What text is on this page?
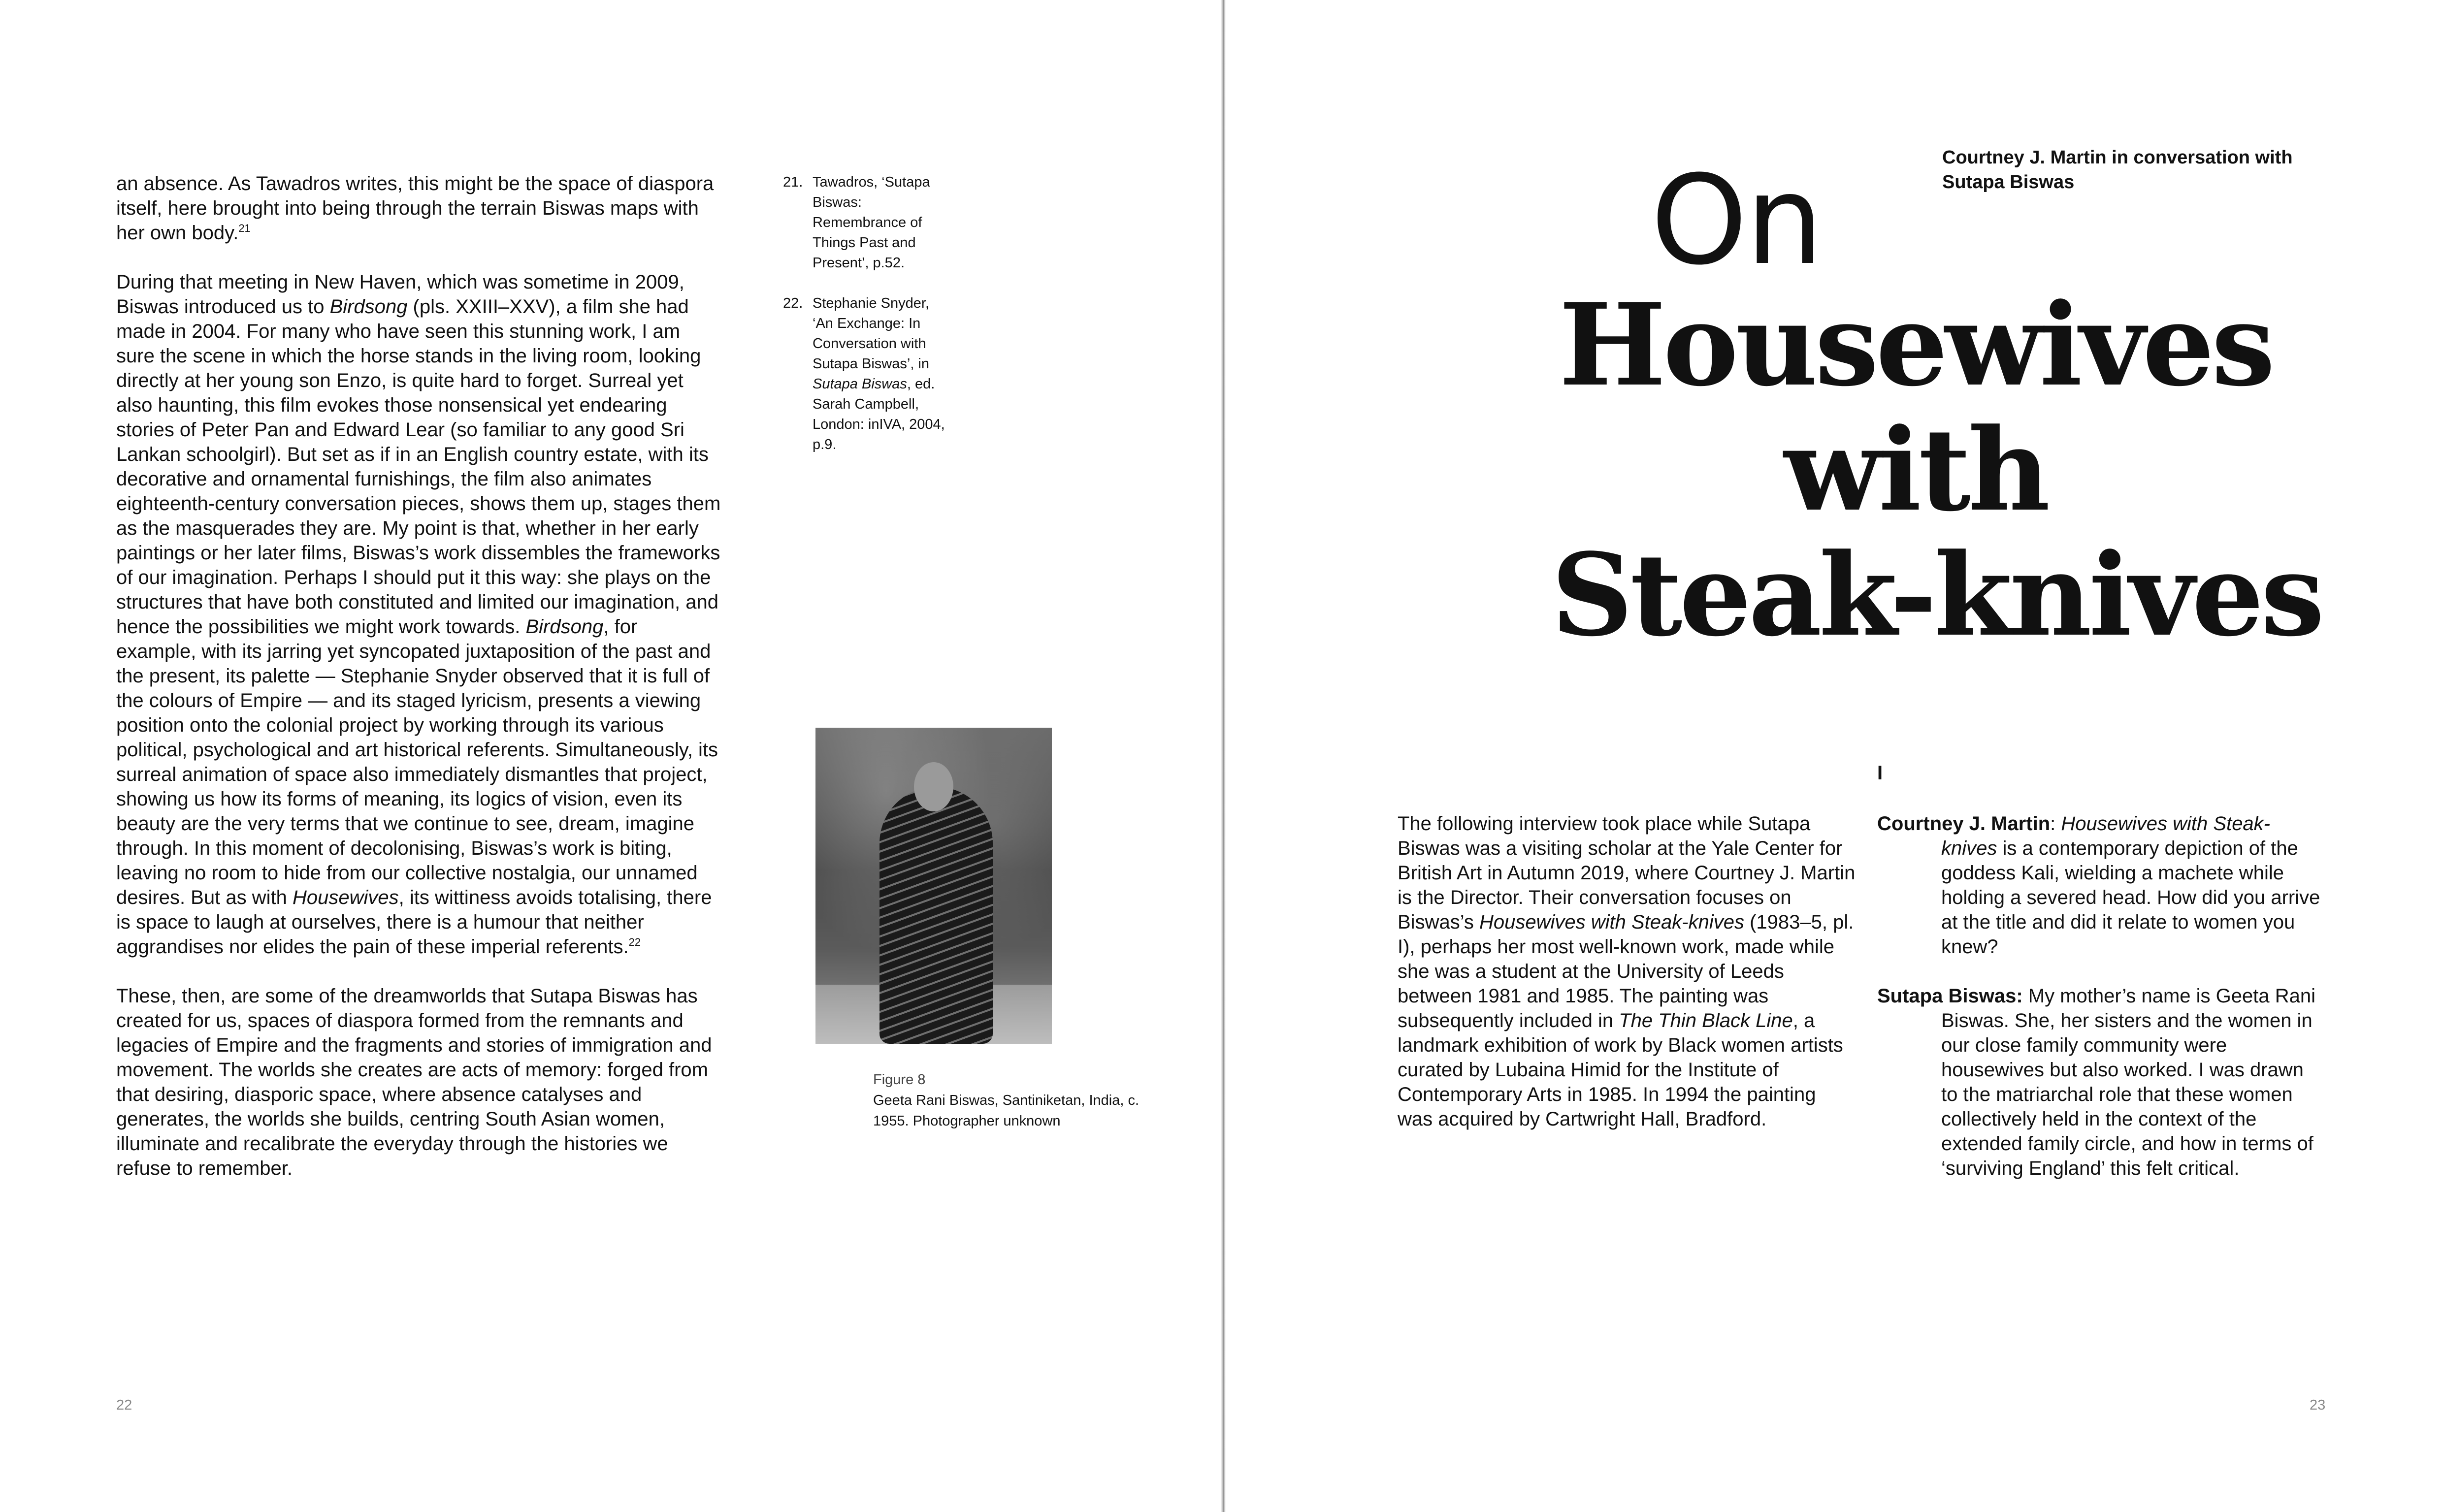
an absence. As Tawadros writes, this might be the space of diaspora itself, here brought into being through the terrain Biswas maps with her own body.$^{21}$

During that meeting in New Haven, which was sometime in 2009, Biswas introduced us to Birdsong (pls. XXIII–XXV), a film she had made in 2004. For many who have seen this stunning work, I am sure the scene in which the horse stands in the living room, looking directly at her young son Enzo, is quite hard to forget. Surreal yet also haunting, this film evokes those nonsensical yet endearing stories of Peter Pan and Edward Lear (so familiar to any good Sri Lankan schoolgirl). But set as if in an English country estate, with its decorative and ornamental furnishings, the film also animates eighteenth-century conversation pieces, shows them up, stages them as the masquerades they are. My point is that, whether in her early paintings or her later films, Biswas’s work dissembles the frameworks of our imagination. Perhaps I should put it this way: she plays on the structures that have both constituted and limited our imagination, and hence the possibilities we might work towards. Birdsong, for example, with its jarring yet syncopated juxtaposition of the past and the present, its palette — Stephanie Snyder observed that it is full of the colours of Empire — and its staged lyricism, presents a viewing position onto the colonial project by working through its various political, psychological and art historical referents. Simultaneously, its surreal animation of space also immediately dismantles that project, showing us how its forms of meaning, its logics of vision, even its beauty are the very terms that we continue to see, dream, imagine through. In this moment of decolonising, Biswas’s work is biting, leaving no room to hide from our collective nostalgia, our unnamed desires. But as with Housewives, its wittiness avoids totalising, there is space to laugh at ourselves, there is a humour that neither aggrandises nor elides the pain of these imperial referents.$^{22}$

These, then, are some of the dreamworlds that Sutapa Biswas has created for us, spaces of diaspora formed from the remnants and legacies of Empire and the fragments and stories of immigration and movement. The worlds she creates are acts of memory: forged from that desiring, diasporic space, where absence catalyses and generates, the worlds she builds, centring South Asian women, illuminate and recalibrate the everyday through the histories we refuse to remember.

21. Tawadros, ‘Sutapa Biswas: Remembrance of Things Past and Present’, p.52.
22. Stephanie Snyder, ‘An Exchange: In Conversation with Sutapa Biswas’, in Sutapa Biswas, ed. Sarah Campbell, London: inIVA, 2004, p.9.
Figure 8
Geeta Rani Biswas, Santiniketan, India, c. 1955. Photographer unknown
22
Courtney J. Martin in conversation with Sutapa Biswas
On
Housewives
with
Steak-knives
I
The following interview took place while Sutapa Biswas was a visiting scholar at the Yale Center for British Art in Autumn 2019, where Courtney J. Martin is the Director. Their conversation focuses on Biswas’s Housewives with Steak-knives (1983–5, pl. I), perhaps her most well-known work, made while she was a student at the University of Leeds between 1981 and 1985. The painting was subsequently included in The Thin Black Line, a landmark exhibition of work by Black women artists curated by Lubaina Himid for the Institute of Contemporary Arts in 1985. In 1994 the painting was acquired by Cartwright Hall, Bradford.

Courtney J. Martin: Housewives with Steak-knives is a contemporary depiction of the goddess Kali, wielding a machete while holding a severed head. How did you arrive at the title and did it relate to women you knew?

Sutapa Biswas: My mother’s name is Geeta Rani Biswas. She, her sisters and the women in our close family community were housewives but also worked. I was drawn to the matriarchal role that these women collectively held in the context of the extended family circle, and how in terms of ‘surviving England’ this felt critical.

23
